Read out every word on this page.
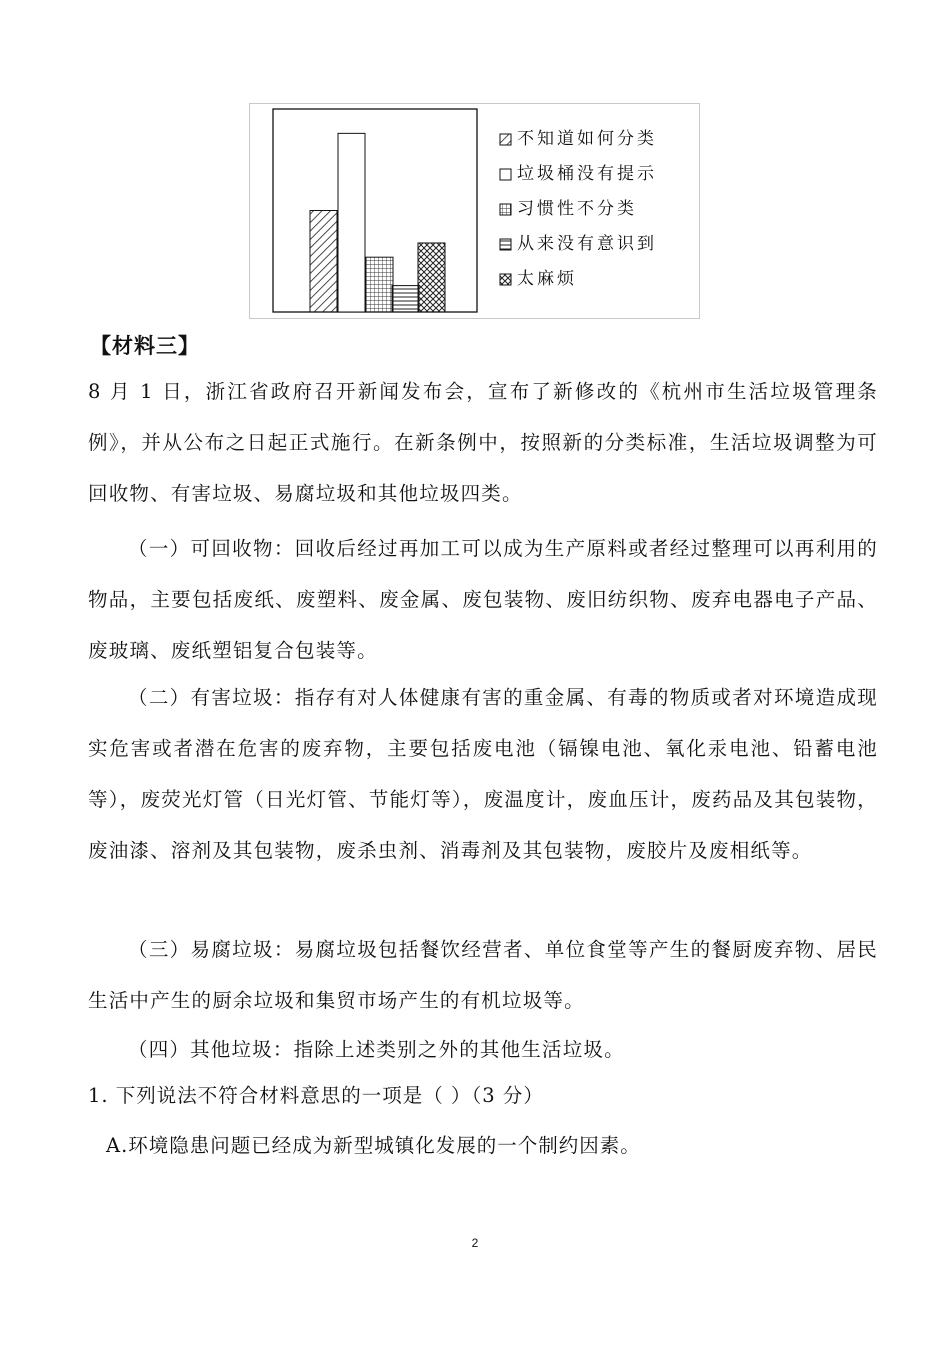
不知道如何分类
垃圾桶没有提示
习惯性不分类
从来没有意识到
太麻烦
【材料三】
8 月 1 日，浙江省政府召开新闻发布会，宣布了新修改的《杭州市生活垃圾管理条例》，并从公布之日起正式施行。在新条例中，按照新的分类标准，生活垃圾调整为可回收物、有害垃圾、易腐垃圾和其他垃圾四类。
（一）可回收物：回收后经过再加工可以成为生产原料或者经过整理可以再利用的物品，主要包括废纸、废塑料、废金属、废包装物、废旧纺织物、废弃电器电子产品、废玻璃、废纸塑铝复合包装等。
（二）有害垃圾：指存有对人体健康有害的重金属、有毒的物质或者对环境造成现实危害或者潜在危害的废弃物，主要包括废电池（镉镍电池、氧化汞电池、铅蓄电池等），废荧光灯管（日光灯管、节能灯等），废温度计，废血压计，废药品及其包装物，废油漆、溶剂及其包装物，废杀虫剂、消毒剂及其包装物，废胶片及废相纸等。
（三）易腐垃圾：易腐垃圾包括餐饮经营者、单位食堂等产生的餐厨废弃物、居民生活中产生的厨余垃圾和集贸市场产生的有机垃圾等。
（四）其他垃圾：指除上述类别之外的其他生活垃圾。
1. 下列说法不符合材料意思的一项是（ ）（3 分）
A.环境隐患问题已经成为新型城镇化发展的一个制约因素。
2
